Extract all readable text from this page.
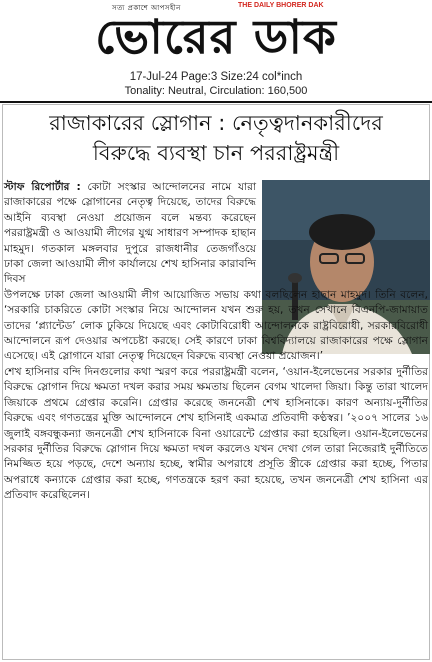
সত্য প্রকাশে আপসহীন	THE DAILY BHORER DAK
ভোরের ডাক
17-Jul-24 Page:3 Size:24 col*inch
Tonality: Neutral, Circulation: 160,500
রাজাকারের স্লোগান : নেতৃত্বদানকারীদের
বিরুদ্ধে ব্যবস্থা চান পররাষ্ট্রমন্ত্রী

স্টাফ রিপোর্টার : কোটা সংস্কার আন্দোলনের নামে যারা রাজাকারের পক্ষে স্লোগানের নেতৃত্ব দিয়েছে, তাদের বিরুদ্ধে আইনি ব্যবস্থা নেওয়া প্রয়োজন বলে মন্তব্য করেছেন পররাষ্ট্রমন্ত্রী ও আওয়ামী লীগের যুগ্ম সাধারণ সম্পাদক হাছান মাহমুদ। গতকাল মঙ্গলবার দুপুরে রাজধানীর তেজগাঁওয়ে ঢাকা জেলা আওয়ামী লীগ কার্যালয়ে শেখ হাসিনার কারাবন্দি দিবস

উপলক্ষে ঢাকা জেলা আওয়ামী লীগ আয়োজিত সভায় কথা বলছিলেন হাছান মাহমুদ। তিনি বলেন, ‘সরকারি চাকরিতে কোটা সংস্কার নিয়ে আন্দোলন যখন শুরু হয়, তখন সেখানে বিএনপি-জামায়াত তাদের ‘প্ল্যান্টেড’ লোক ঢুকিয়ে দিয়েছে এবং কোটাবিরোধী আন্দোলনকে রাষ্ট্রবিরোধী, সরকারবিরোধী আন্দোলনে রূপ দেওয়ার অপচেষ্টা করছে। সেই কারণে ঢাকা বিশ্ববিদ্যালয়ে রাজাকারের পক্ষে স্লোগান এসেছে। এই স্লোগানে যারা নেতৃত্ব দিয়েছেন বিরুদ্ধে ব্যবস্থা নেওয়া প্রয়োজন।’

শেখ হাসিনার বন্দি দিনগুলোর কথা স্মরণ করে পররাষ্ট্রমন্ত্রী বলেন, ‘ওয়ান-ইলেভেনের সরকার দুর্নীতির বিরুদ্ধে স্লোগান দিয়ে ক্ষমতা দখল করার সময় ক্ষমতায় ছিলেন বেগম খালেদা জিয়া। কিন্তু তারা খালেদ জিয়াকে প্রথমে গ্রেপ্তার করেনি। গ্রেপ্তার করেছে জননেত্রী শেখ হাসিনাকে। কারণ অন্যায়-দুর্নীতির বিরুদ্ধে এবং গণতন্ত্রের মুক্তি আন্দোলনে শেখ হাসিনাই একমাত্র প্রতিবাদী কণ্ঠস্বর। ’২০০৭ সালের ১৬ জুলাই বঙ্গবন্ধুকন্যা জননেত্রী শেখ হাসিনাকে বিনা ওয়ারেন্টে গ্রেপ্তার করা হয়েছিল। ওয়ান-ইলেভেনের সরকার দুর্নীতির বিরুদ্ধে স্লোগান দিয়ে ক্ষমতা দখল করলেও যখন দেখা গেল তারা নিজেরাই দুর্নীতিতে নিমজ্জিত হয়ে পড়ছে, দেশে অন্যায় হচ্ছে, স্বামীর অপরাধে প্রসূতি স্ত্রীকে গ্রেপ্তার করা হচ্ছে, পিতার অপরাধে কন্যাকে গ্রেপ্তার করা হচ্ছে, গণতন্ত্রকে হরণ করা হয়েছে, তখন জননেত্রী শেখ হাসিনা এর প্রতিবাদ করেছিলেন।
